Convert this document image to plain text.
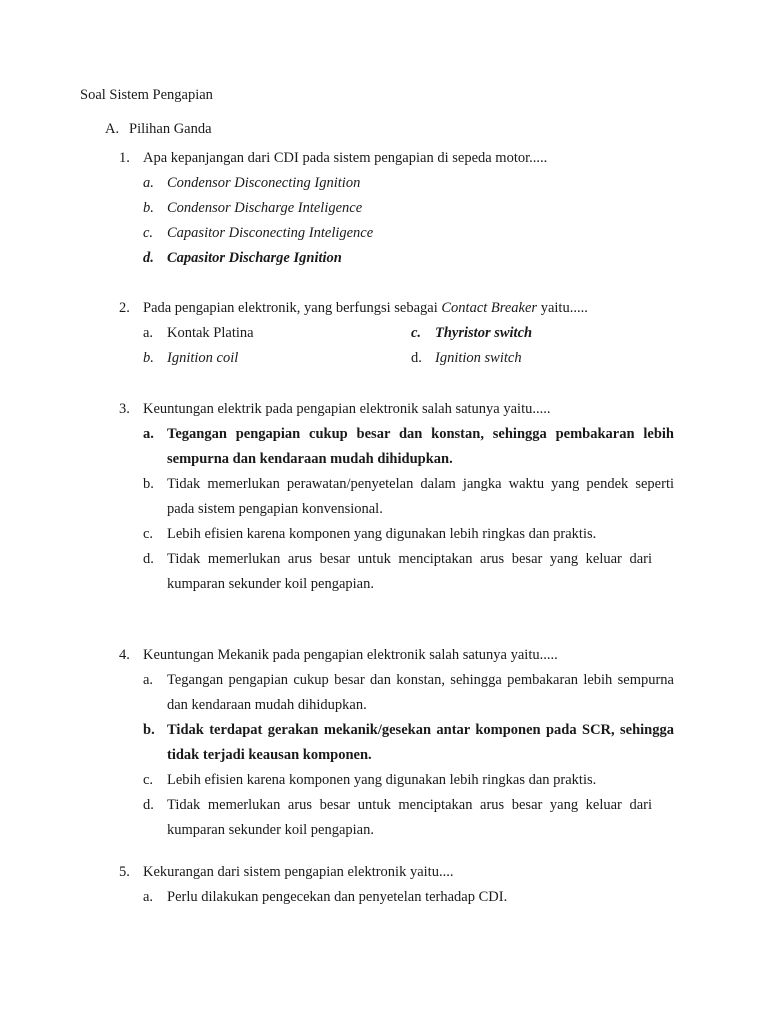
Soal Sistem Pengapian
A. Pilihan Ganda
1. Apa kepanjangan dari CDI pada sistem pengapian di sepeda motor.....
a. Condensor Disconecting Ignition
b. Condensor Discharge Inteligence
c. Capasitor Disconecting Inteligence
d. Capasitor Discharge Ignition
2. Pada pengapian elektronik, yang berfungsi sebagai Contact Breaker yaitu.....
a. Kontak Platina	c. Thyristor switch
b. Ignition coil	d. Ignition switch
3. Keuntungan elektrik pada pengapian elektronik salah satunya yaitu.....
a. Tegangan pengapian cukup besar dan konstan, sehingga pembakaran lebih sempurna dan kendaraan mudah dihidupkan.
b. Tidak memerlukan perawatan/penyetelan dalam jangka waktu yang pendek seperti pada sistem pengapian konvensional.
c. Lebih efisien karena komponen yang digunakan lebih ringkas dan praktis.
d. Tidak memerlukan arus besar untuk menciptakan arus besar yang keluar dari kumparan sekunder koil pengapian.
4. Keuntungan Mekanik pada pengapian elektronik salah satunya yaitu.....
a. Tegangan pengapian cukup besar dan konstan, sehingga pembakaran lebih sempurna dan kendaraan mudah dihidupkan.
b. Tidak terdapat gerakan mekanik/gesekan antar komponen pada SCR, sehingga tidak terjadi keausan komponen.
c. Lebih efisien karena komponen yang digunakan lebih ringkas dan praktis.
d. Tidak memerlukan arus besar untuk menciptakan arus besar yang keluar dari kumparan sekunder koil pengapian.
5. Kekurangan dari sistem pengapian elektronik yaitu....
a. Perlu dilakukan pengecekan dan penyetelan terhadap CDI.
